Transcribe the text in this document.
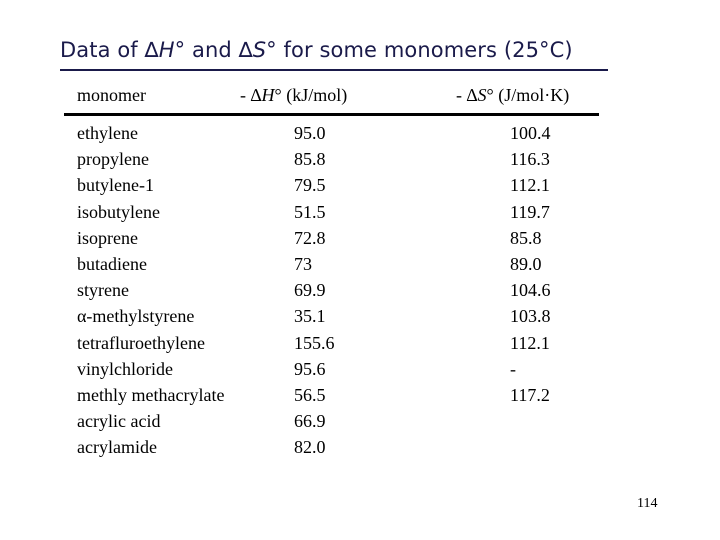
Data of ∆H° and ∆S° for some monomers (25°C)
monomer	- ∆H° (kJ/mol)	- ∆S° (J/mol·K)
ethylene
propylene
butylene-1
isobutylene
isoprene
butadiene
styrene
α-methylstyrene
tetrafluroethylene
vinylchloride
methly methacrylate
acrylic acid
acrylamide
95.0
85.8
79.5
51.5
72.8
73
69.9
35.1
155.6
95.6
56.5
66.9
82.0
100.4
116.3
112.1
119.7
85.8
89.0
104.6
103.8
112.1
-
117.2
114
